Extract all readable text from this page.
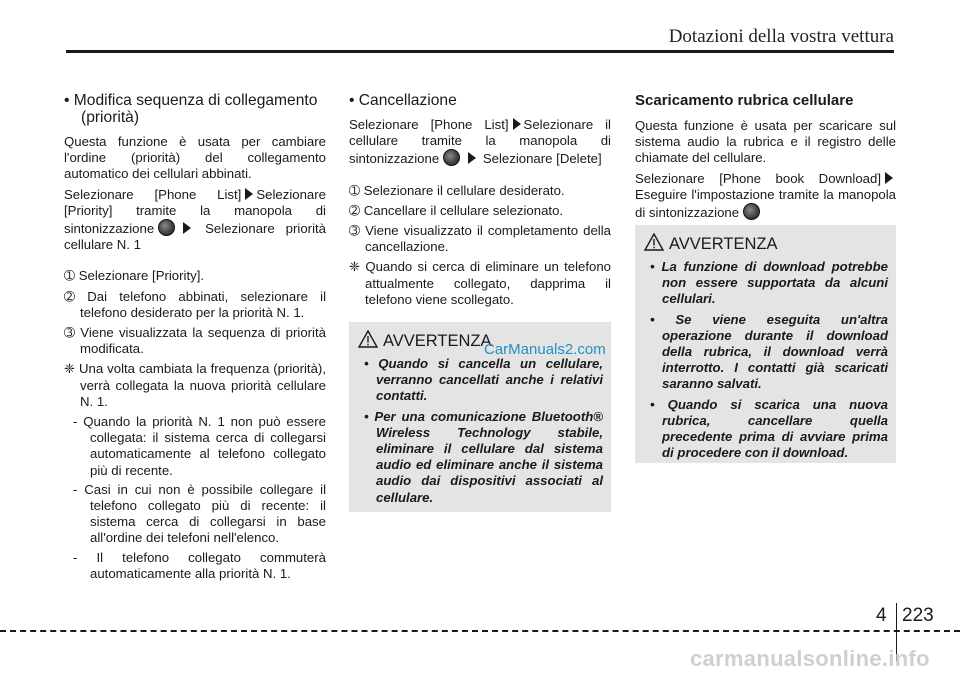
Dotazioni della vostra vettura
• Modifica sequenza di collegamento (priorità)

Questa funzione è usata per cambiare l'ordine (priorità) del collegamento automatico dei cellulari abbinati.

Selezionare [Phone List] Selezionare [Priority] tramite la manopola di sintonizzazione	Selezionare priorità cellulare N. 1

➀ Selezionare [Priority].
➁ Dai telefono abbinati, selezionare il telefono desiderato per la priorità N. 1.
➂ Viene visualizzata la sequenza di priorità modificata.
❈ Una volta cambiata la frequenza (priorità), verrà collegata la nuova priorità cellulare N. 1.
- Quando la priorità N. 1 non può essere collegata: il sistema cerca di collegarsi automaticamente al telefono collegato più di recente.
- Casi in cui non è possibile collegare il telefono collegato più di recente: il sistema cerca di collegarsi in base all'ordine dei telefoni nell'elenco.
- Il telefono collegato commuterà automaticamente alla priorità N. 1.
• Cancellazione

Selezionare [Phone List] Selezionare il cellulare tramite la manopola di sintonizzazione	Selezionare [Delete]

➀ Selezionare il cellulare desiderato.
➁ Cancellare il cellulare selezionato.
➂ Viene visualizzato il completamento della cancellazione.
❈ Quando si cerca di eliminare un telefono attualmente collegato, dapprima il telefono viene scollegato.
AVVERTENZA
• Quando si cancella un cellulare, verranno cancellati anche i relativi contatti.
• Per una comunicazione Bluetooth® Wireless Technology stabile, eliminare il cellulare dal sistema audio ed eliminare anche il sistema audio dai dispositivi associati al cellulare.
CarManuals2.com
Scaricamento rubrica cellulare

Questa funzione è usata per scaricare sul sistema audio la rubrica e il registro delle chiamate del cellulare.

Selezionare [Phone book Download] Eseguire l'impostazione tramite la manopola di sintonizzazione

AVVERTENZA
• La funzione di download potrebbe non essere supportata da alcuni cellulari.
• Se viene eseguita un'altra operazione durante il download della rubrica, il download verrà interrotto. I contatti già scaricati saranno salvati.
• Quando si scarica una nuova rubrica, cancellare quella precedente prima di avviare prima di procedere con il download.
4 223
carmanualsonline.info
